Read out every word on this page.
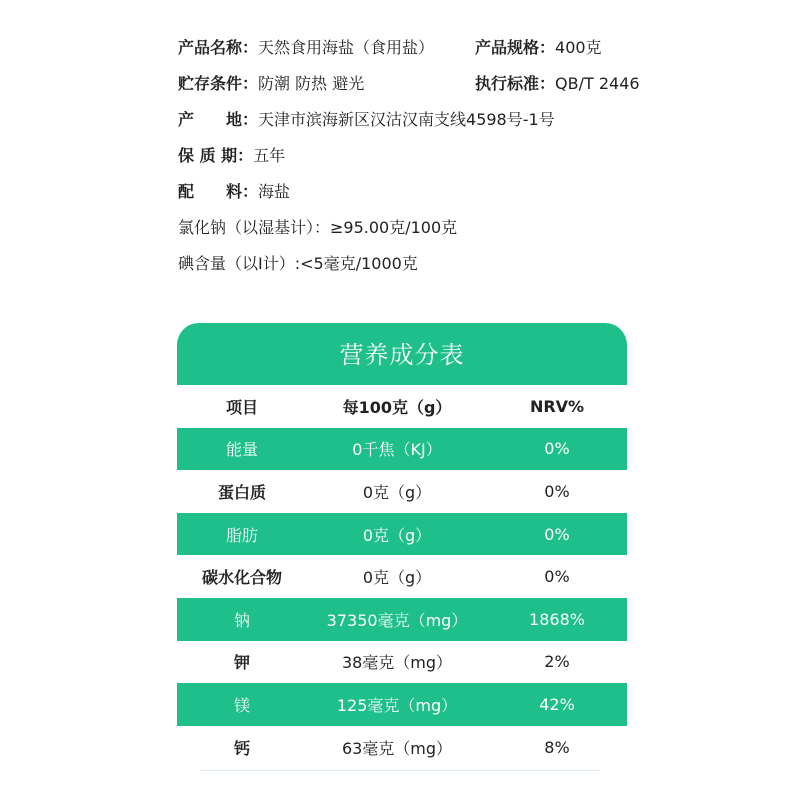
产品名称：天然食用海盐（食用盐）	产品规格：400克
贮存条件：防潮 防热 避光	执行标准：QB/T 2446
产　　地：天津市滨海新区汉沽汉南支线4598号-1号
保 质 期：五年
配　　料：海盐
氯化钠（以湿基计）：≥95.00克/100克
碘含量（以I计）:<5毫克/1000克
营养成分表
项目	每100克（g）	NRV%
能量	0千焦（KJ）	0%
蛋白质	0克（g）	0%
脂肪	0克（g）	0%
碳水化合物	0克（g）	0%
钠	37350毫克（mg）	1868%
钾	38毫克（mg）	2%
镁	125毫克（mg）	42%
钙	63毫克（mg）	8%
